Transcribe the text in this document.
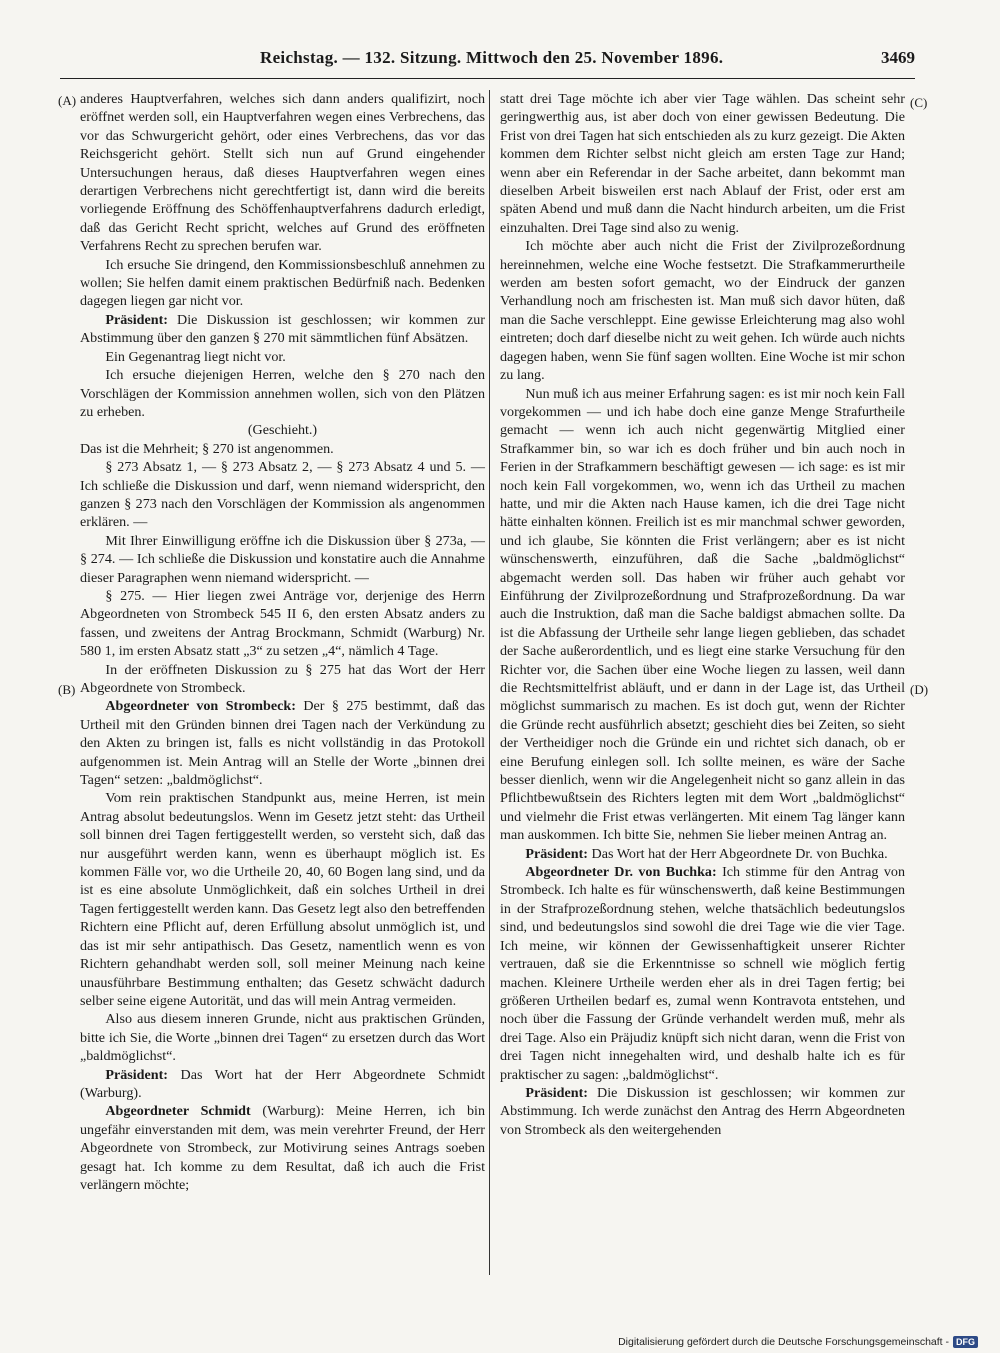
Reichstag. — 132. Sitzung. Mittwoch den 25. November 1896.	3469
(A)
(B)
(C)
(D)

anderes Hauptverfahren, welches sich dann anders qualifizirt, noch eröffnet werden soll, ein Hauptverfahren wegen eines Verbrechens, das vor das Schwurgericht gehört, oder eines Verbrechens, das vor das Reichsgericht gehört. Stellt sich nun auf Grund eingehender Untersuchungen heraus, daß dieses Hauptverfahren wegen eines derartigen Verbrechens nicht gerechtfertigt ist, dann wird die bereits vorliegende Eröffnung des Schöffenhauptverfahrens dadurch erledigt, daß das Gericht Recht spricht, welches auf Grund des eröffneten Verfahrens Recht zu sprechen berufen war.

Ich ersuche Sie dringend, den Kommissionsbeschluß annehmen zu wollen; Sie helfen damit einem praktischen Bedürfniß nach. Bedenken dagegen liegen gar nicht vor.

Präsident: Die Diskussion ist geschlossen; wir kommen zur Abstimmung über den ganzen § 270 mit sämmtlichen fünf Absätzen.

Ein Gegenantrag liegt nicht vor.

Ich ersuche diejenigen Herren, welche den § 270 nach den Vorschlägen der Kommission annehmen wollen, sich von den Plätzen zu erheben.

(Geschieht.)

Das ist die Mehrheit; § 270 ist angenommen.

§ 273 Absatz 1, — § 273 Absatz 2, — § 273 Absatz 4 und 5. — Ich schließe die Diskussion und darf, wenn niemand widerspricht, den ganzen § 273 nach den Vorschlägen der Kommission als angenommen erklären. —

Mit Ihrer Einwilligung eröffne ich die Diskussion über § 273a, — § 274. — Ich schließe die Diskussion und konstatire auch die Annahme dieser Paragraphen wenn niemand widerspricht. —

§ 275. — Hier liegen zwei Anträge vor, derjenige des Herrn Abgeordneten von Strombeck 545 II 6, den ersten Absatz anders zu fassen, und zweitens der Antrag Brockmann, Schmidt (Warburg) Nr. 580 1, im ersten Absatz statt „3“ zu setzen „4“, nämlich 4 Tage.

In der eröffneten Diskussion zu § 275 hat das Wort der Herr Abgeordnete von Strombeck.

Abgeordneter von Strombeck: Der § 275 bestimmt, daß das Urtheil mit den Gründen binnen drei Tagen nach der Verkündung zu den Akten zu bringen ist, falls es nicht vollständig in das Protokoll aufgenommen ist. Mein Antrag will an Stelle der Worte „binnen drei Tagen“ setzen: „baldmöglichst“.

Vom rein praktischen Standpunkt aus, meine Herren, ist mein Antrag absolut bedeutungslos. Wenn im Gesetz jetzt steht: das Urtheil soll binnen drei Tagen fertiggestellt werden, so versteht sich, daß das nur ausgeführt werden kann, wenn es überhaupt möglich ist. Es kommen Fälle vor, wo die Urtheile 20, 40, 60 Bogen lang sind, und da ist es eine absolute Unmöglichkeit, daß ein solches Urtheil in drei Tagen fertiggestellt werden kann. Das Gesetz legt also den betreffenden Richtern eine Pflicht auf, deren Erfüllung absolut unmöglich ist, und das ist mir sehr antipathisch. Das Gesetz, namentlich wenn es von Richtern gehandhabt werden soll, soll meiner Meinung nach keine unausführbare Bestimmung enthalten; das Gesetz schwächt dadurch selber seine eigene Autorität, und das will mein Antrag vermeiden.

Also aus diesem inneren Grunde, nicht aus praktischen Gründen, bitte ich Sie, die Worte „binnen drei Tagen“ zu ersetzen durch das Wort „baldmöglichst“.

Präsident: Das Wort hat der Herr Abgeordnete Schmidt (Warburg).

Abgeordneter Schmidt (Warburg): Meine Herren, ich bin ungefähr einverstanden mit dem, was mein verehrter Freund, der Herr Abgeordnete von Strombeck, zur Motivirung seines Antrags soeben gesagt hat. Ich komme zu dem Resultat, daß ich auch die Frist verlängern möchte;

statt drei Tage möchte ich aber vier Tage wählen. Das scheint sehr geringwerthig aus, ist aber doch von einer gewissen Bedeutung. Die Frist von drei Tagen hat sich entschieden als zu kurz gezeigt. Die Akten kommen dem Richter selbst nicht gleich am ersten Tage zur Hand; wenn aber ein Referendar in der Sache arbeitet, dann bekommt man dieselben Arbeit bisweilen erst nach Ablauf der Frist, oder erst am späten Abend und muß dann die Nacht hindurch arbeiten, um die Frist einzuhalten. Drei Tage sind also zu wenig.

Ich möchte aber auch nicht die Frist der Zivilprozeßordnung hereinnehmen, welche eine Woche festsetzt. Die Strafkammerurtheile werden am besten sofort gemacht, wo der Eindruck der ganzen Verhandlung noch am frischesten ist. Man muß sich davor hüten, daß man die Sache verschleppt. Eine gewisse Erleichterung mag also wohl eintreten; doch darf dieselbe nicht zu weit gehen. Ich würde auch nichts dagegen haben, wenn Sie fünf sagen wollten. Eine Woche ist mir schon zu lang.

Nun muß ich aus meiner Erfahrung sagen: es ist mir noch kein Fall vorgekommen — und ich habe doch eine ganze Menge Strafurtheile gemacht — wenn ich auch nicht gegenwärtig Mitglied einer Strafkammer bin, so war ich es doch früher und bin auch noch in Ferien in der Strafkammern beschäftigt gewesen — ich sage: es ist mir noch kein Fall vorgekommen, wo, wenn ich das Urtheil zu machen hatte, und mir die Akten nach Hause kamen, ich die drei Tage nicht hätte einhalten können. Freilich ist es mir manchmal schwer geworden, und ich glaube, Sie könnten die Frist verlängern; aber es ist nicht wünschenswerth, einzuführen, daß die Sache „baldmöglichst“ abgemacht werden soll. Das haben wir früher auch gehabt vor Einführung der Zivilprozeßordnung und Strafprozeßordnung. Da war auch die Instruktion, daß man die Sache baldigst abmachen sollte. Da ist die Abfassung der Urtheile sehr lange liegen geblieben, das schadet der Sache außerordentlich, und es liegt eine starke Versuchung für den Richter vor, die Sachen über eine Woche liegen zu lassen, weil dann die Rechtsmittelfrist abläuft, und er dann in der Lage ist, das Urtheil möglichst summarisch zu machen. Es ist doch gut, wenn der Richter die Gründe recht ausführlich absetzt; geschieht dies bei Zeiten, so sieht der Vertheidiger noch die Gründe ein und richtet sich danach, ob er eine Berufung einlegen soll. Ich sollte meinen, es wäre der Sache besser dienlich, wenn wir die Angelegenheit nicht so ganz allein in das Pflichtbewußtsein des Richters legten mit dem Wort „baldmöglichst“ und vielmehr die Frist etwas verlängerten. Mit einem Tag länger kann man auskommen. Ich bitte Sie, nehmen Sie lieber meinen Antrag an.

Präsident: Das Wort hat der Herr Abgeordnete Dr. von Buchka.

Abgeordneter Dr. von Buchka: Ich stimme für den Antrag von Strombeck. Ich halte es für wünschenswerth, daß keine Bestimmungen in der Strafprozeßordnung stehen, welche thatsächlich bedeutungslos sind, und bedeutungslos sind sowohl die drei Tage wie die vier Tage. Ich meine, wir können der Gewissenhaftigkeit unserer Richter vertrauen, daß sie die Erkenntnisse so schnell wie möglich fertig machen. Kleinere Urtheile werden eher als in drei Tagen fertig; bei größeren Urtheilen bedarf es, zumal wenn Kontravota entstehen, und noch über die Fassung der Gründe verhandelt werden muß, mehr als drei Tage. Also ein Präjudiz knüpft sich nicht daran, wenn die Frist von drei Tagen nicht innegehalten wird, und deshalb halte ich es für praktischer zu sagen: „baldmöglichst“.

Präsident: Die Diskussion ist geschlossen; wir kommen zur Abstimmung. Ich werde zunächst den Antrag des Herrn Abgeordneten von Strombeck als den weitergehenden

Digitalisierung gefördert durch die Deutsche Forschungsgemeinschaft - DFG
